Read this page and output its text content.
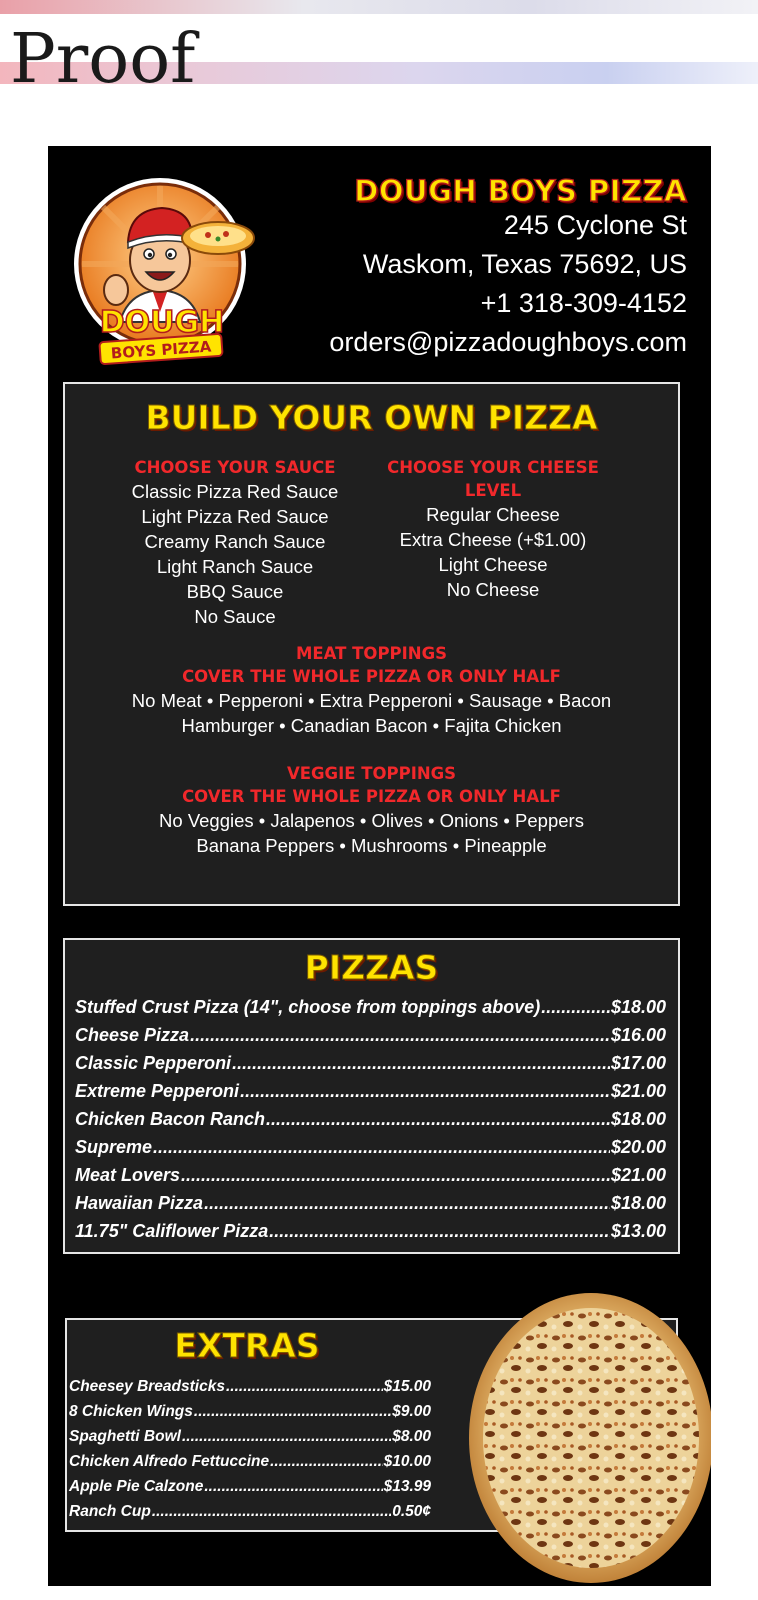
Proof
DOUGH
BOYS PIZZA
DOUGH BOYS PIZZA
245 Cyclone St
Waskom, Texas 75692, US
+1 318-309-4152
orders@pizzadoughboys.com
BUILD YOUR OWN PIZZA

CHOOSE YOUR SAUCE

Classic Pizza Red Sauce

Light Pizza Red Sauce

Creamy Ranch Sauce

Light Ranch Sauce

BBQ Sauce

No Sauce

CHOOSE YOUR CHEESE

LEVEL

Regular Cheese

Extra Cheese (+$1.00)

Light Cheese

No Cheese

MEAT TOPPINGS

COVER THE WHOLE PIZZA OR ONLY HALF

No Meat • Pepperoni • Extra Pepperoni • Sausage • Bacon

Hamburger • Canadian Bacon • Fajita Chicken

VEGGIE TOPPINGS

COVER THE WHOLE PIZZA OR ONLY HALF

No Veggies • Jalapenos • Olives • Onions • Peppers

Banana Peppers • Mushrooms • Pineapple

PIZZAS
Stuffed Crust Pizza (14", choose from toppings above) .....	$18.00
Cheese Pizza .....	$16.00
Classic Pepperoni .....	$17.00
Extreme Pepperoni .....	$21.00
Chicken Bacon Ranch .....	$18.00
Supreme .....	$20.00
Meat Lovers .....	$21.00
Hawaiian Pizza .....	$18.00
11.75" Califlower Pizza .....	$13.00
EXTRAS
Cheesey Breadsticks .....	$15.00
8 Chicken Wings .....	$9.00
Spaghetti Bowl .....	$8.00
Chicken Alfredo Fettuccine .....	$10.00
Apple Pie Calzone .....	$13.99
Ranch Cup .....	0.50¢
